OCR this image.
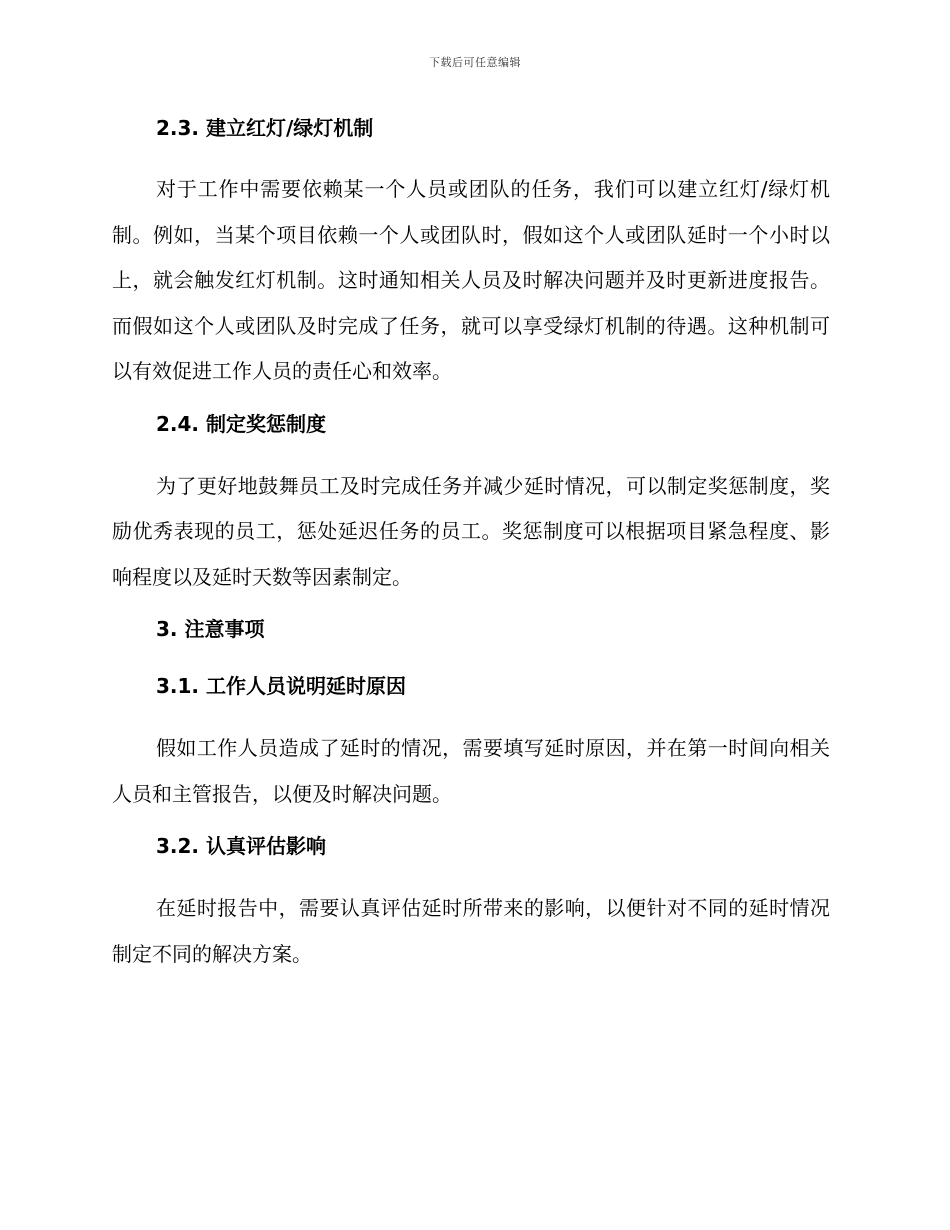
下载后可任意编辑
2.3. 建立红灯/绿灯机制

对于工作中需要依赖某一个人员或团队的任务，我们可以建立红灯/绿灯机制。例如，当某个项目依赖一个人或团队时，假如这个人或团队延时一个小时以上，就会触发红灯机制。这时通知相关人员及时解决问题并及时更新进度报告。而假如这个人或团队及时完成了任务，就可以享受绿灯机制的待遇。这种机制可以有效促进工作人员的责任心和效率。

2.4. 制定奖惩制度

为了更好地鼓舞员工及时完成任务并减少延时情况，可以制定奖惩制度，奖励优秀表现的员工，惩处延迟任务的员工。奖惩制度可以根据项目紧急程度、影响程度以及延时天数等因素制定。

3. 注意事项
3.1. 工作人员说明延时原因

假如工作人员造成了延时的情况，需要填写延时原因，并在第一时间向相关人员和主管报告，以便及时解决问题。

3.2. 认真评估影响

在延时报告中，需要认真评估延时所带来的影响，以便针对不同的延时情况制定不同的解决方案。
